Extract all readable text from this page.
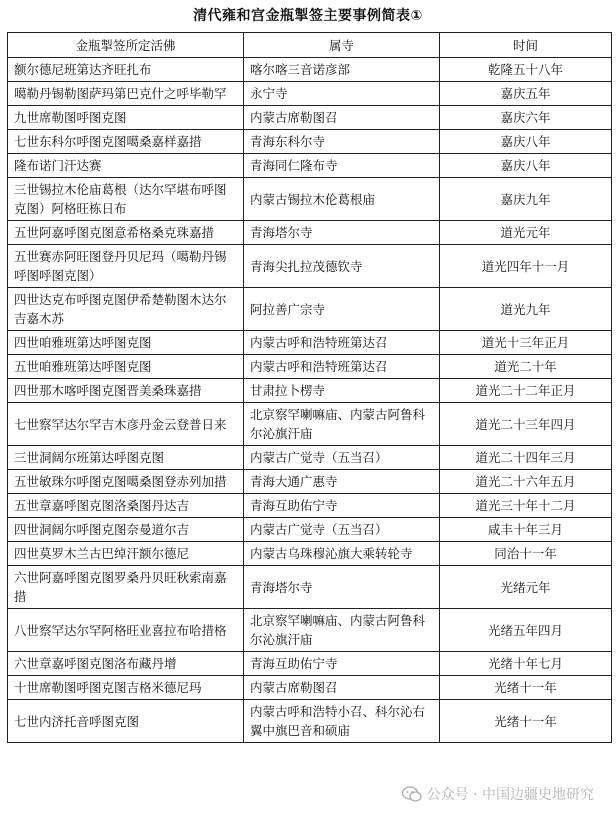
清代雍和宫金瓶掣签主要事例简表①
金瓶掣签所定活佛	属寺	时间
额尔德尼班第达齐旺扎布	喀尔喀三音诺彦部	乾隆五十八年
噶勒丹锡勒图萨玛第巴克什之呼毕勒罕	永宁寺	嘉庆五年
九世席勒图呼图克图	内蒙古席勒图召	嘉庆六年
七世东科尔呼图克图噶桑嘉样嘉措	青海东科尔寺	嘉庆八年
隆布诺门汗达赛	青海同仁隆布寺	嘉庆八年
三世锡拉木伦庙葛根（达尔罕堪布呼图克图）阿格旺栋日布	内蒙古锡拉木伦葛根庙	嘉庆九年
五世阿嘉呼图克图意希格桑克珠嘉措	青海塔尔寺	道光元年
五世赛赤阿旺图登丹贝尼玛（噶勒丹锡呼图呼图克图）	青海尖扎拉茂德钦寺	道光四年十一月
四世达克布呼图克图伊希楚勒图木达尔吉嘉木苏	阿拉善广宗寺	道光九年
四世咱雅班第达呼图克图	内蒙古呼和浩特班第达召	道光十三年正月
五世咱雅班第达呼图克图	内蒙古呼和浩特班第达召	道光二十年
四世那木喀呼图克图晋美桑珠嘉措	甘肃拉卜楞寺	道光二十二年正月
七世察罕达尔罕吉木彦丹金云登普日来	北京察罕喇嘛庙、内蒙古阿鲁科尔沁旗汗庙	道光二十三年四月
三世洞阔尔班第达呼图克图	内蒙古广觉寺（五当召）	道光二十四年三月
五世敏珠尔呼图克图噶桑图登赤列加措	青海大通广惠寺	道光二十六年五月
五世章嘉呼图克图洛桑图丹达吉	青海互助佑宁寺	道光三十年十二月
四世洞阔尔呼图克图奈曼道尔吉	内蒙古广觉寺（五当召）	咸丰十年三月
四世莫罗木兰古巴绰汗额尔德尼	内蒙古乌珠穆沁旗大乘转轮寺	同治十一年
六世阿嘉呼图克图罗桑丹贝旺秋索南嘉措	青海塔尔寺	光绪元年
八世察罕达尔罕阿格旺业喜拉布哈措格	北京察罕喇嘛庙、内蒙古阿鲁科尔沁旗汗庙	光绪五年四月
六世章嘉呼图克图洛布藏丹增	青海互助佑宁寺	光绪十年七月
十世席勒图呼图克图吉格米德尼玛	内蒙古席勒图召	光绪十一年
七世内济托音呼图克图	内蒙古呼和浩特小召、科尔沁右翼中旗巴音和硕庙	光绪十一年
公众号 · 中国边疆史地研究
